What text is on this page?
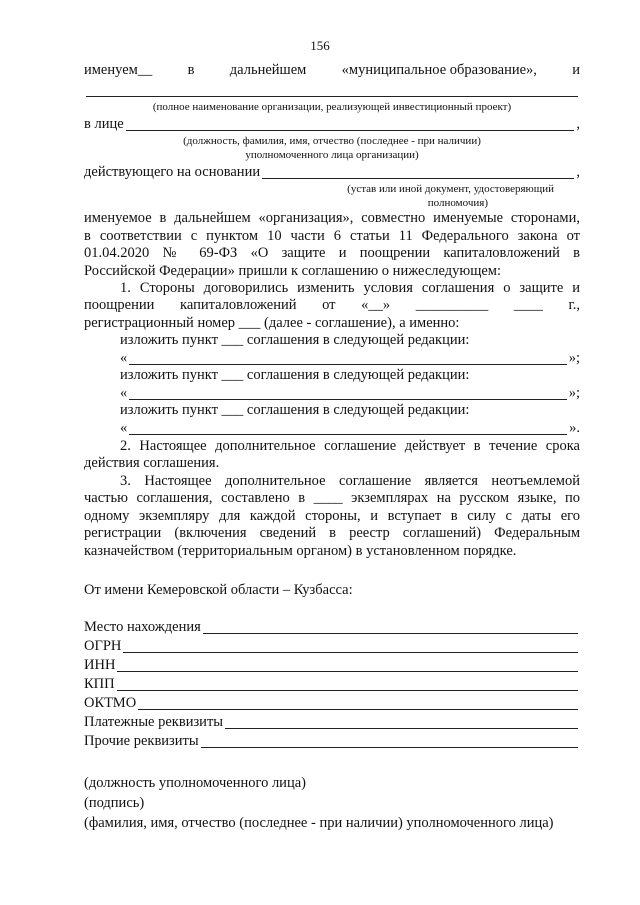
156
именуем__ в дальнейшем «муниципальное образование», и
(полное наименование организации, реализующей инвестиционный проект)
в лице	,
(должность, фамилия, имя, отчество (последнее - при наличии)
уполномоченного лица организации)
действующего на основании	,
(устав или иной документ, удостоверяющий
полномочия)
именуемое в дальнейшем «организация», совместно именуемые сторонами,
в соответствии с пунктом 10 части 6 статьи 11 Федерального закона от
01.04.2020 № 69-ФЗ «О защите и поощрении капиталовложений в
Российской Федерации» пришли к соглашению о нижеследующем:
1. Стороны договорились изменить условия соглашения о защите и
поощрении капиталовложений от «__» __________ ____ г.,
регистрационный номер ___ (далее - соглашение), а именно:
изложить пункт ___ соглашения в следующей редакции:
«	»;
изложить пункт ___ соглашения в следующей редакции:
«	»;
изложить пункт ___ соглашения в следующей редакции:
«	».
2. Настоящее дополнительное соглашение действует в течение срока
действия соглашения.
3. Настоящее дополнительное соглашение является неотъемлемой
частью соглашения, составлено в ____ экземплярах на русском языке, по
одному экземпляру для каждой стороны, и вступает в силу с даты его
регистрации (включения сведений в реестр соглашений) Федеральным
казначейством (территориальным органом) в установленном порядке.
От имени Кемеровской области – Кузбасса:
Место нахождения
ОГРН
ИНН
КПП
ОКТМО
Платежные реквизиты
Прочие реквизиты
(должность уполномоченного лица)
(подпись)
(фамилия, имя, отчество (последнее - при наличии) уполномоченного лица)
